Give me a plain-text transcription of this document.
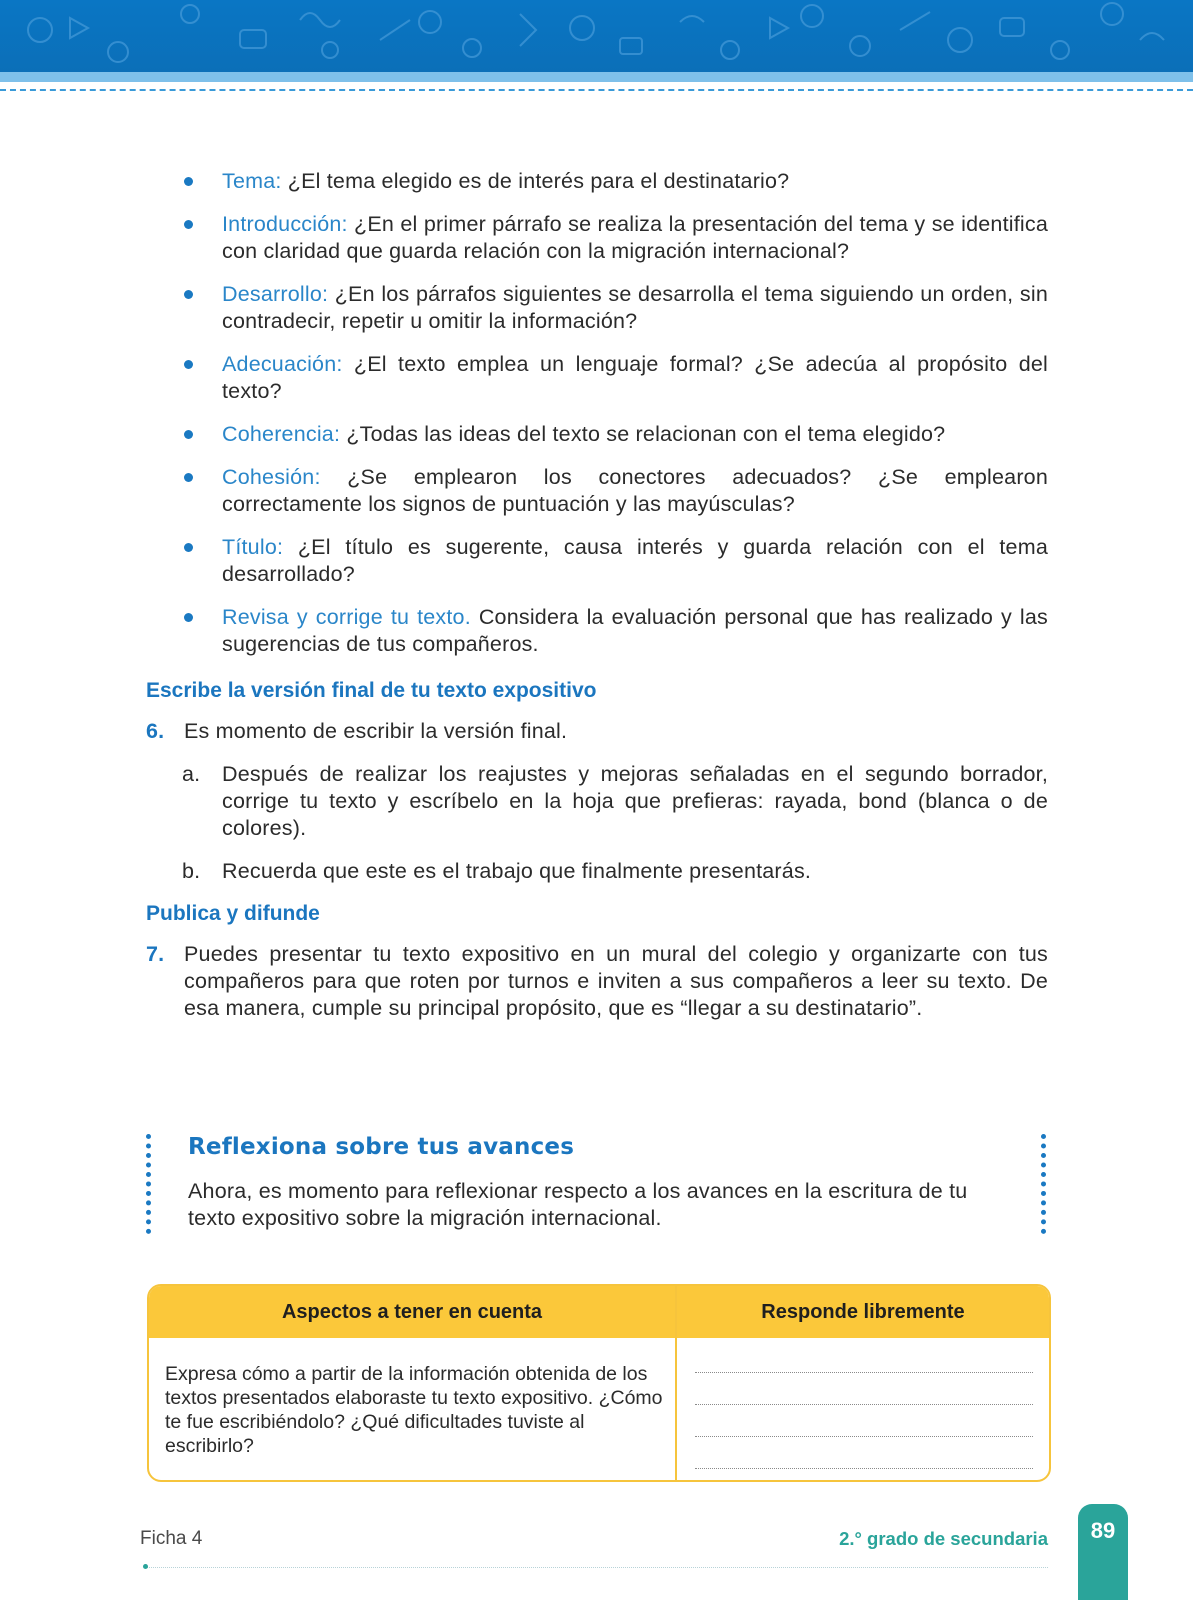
Tema: ¿El tema elegido es de interés para el destinatario?
Introducción: ¿En el primer párrafo se realiza la presentación del tema y se identifica con claridad que guarda relación con la migración internacional?
Desarrollo: ¿En los párrafos siguientes se desarrolla el tema siguiendo un orden, sin contradecir, repetir u omitir la información?
Adecuación: ¿El texto emplea un lenguaje formal? ¿Se adecúa al propósito del texto?
Coherencia: ¿Todas las ideas del texto se relacionan con el tema elegido?
Cohesión: ¿Se emplearon los conectores adecuados? ¿Se emplearon correctamente los signos de puntuación y las mayúsculas?
Título: ¿El título es sugerente, causa interés y guarda relación con el tema desarrollado?
Revisa y corrige tu texto. Considera la evaluación personal que has realizado y las sugerencias de tus compañeros.
Escribe la versión final de tu texto expositivo
6. Es momento de escribir la versión final.
a. Después de realizar los reajustes y mejoras señaladas en el segundo borrador, corrige tu texto y escríbelo en la hoja que prefieras: rayada, bond (blanca o de colores).
b. Recuerda que este es el trabajo que finalmente presentarás.
Publica y difunde
7. Puedes presentar tu texto expositivo en un mural del colegio y organizarte con tus compañeros para que roten por turnos e inviten a sus compañeros a leer su texto. De esa manera, cumple su principal propósito, que es “llegar a su destinatario”.
Reflexiona sobre tus avances
Ahora, es momento para reflexionar respecto a los avances en la escritura de tu texto expositivo sobre la migración internacional.
Aspectos a tener en cuenta	Responde libremente
Expresa cómo a partir de la información obtenida de los textos presentados elaboraste tu texto expositivo. ¿Cómo te fue escribiéndolo? ¿Qué dificultades tuviste al escribirlo?
Ficha 4	2.° grado de secundaria	89
